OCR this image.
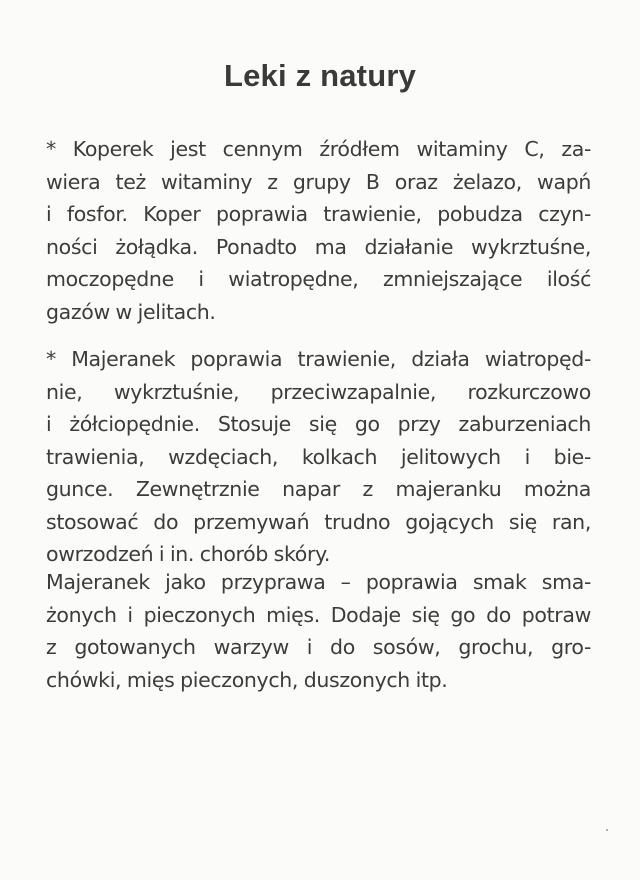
Leki z natury
* Koperek jest cennym źródłem witaminy C, za-
wiera też witaminy z grupy B oraz żelazo, wapń
i fosfor. Koper poprawia trawienie, pobudza czyn-
ności żołądka. Ponadto ma działanie wykrztuśne,
moczopędne i wiatropędne, zmniejszające ilość
gazów w jelitach.
* Majeranek poprawia trawienie, działa wiatropęd-
nie, wykrztuśnie, przeciwzapalnie, rozkurczowo
i żółciopędnie. Stosuje się go przy zaburzeniach
trawienia, wzdęciach, kolkach jelitowych i bie-
gunce. Zewnętrznie napar z majeranku można
stosować do przemywań trudno gojących się ran,
owrzodzeń i in. chorób skóry.
Majeranek jako przyprawa – poprawia smak sma-
żonych i pieczonych mięs. Dodaje się go do potraw
z gotowanych warzyw i do sosów, grochu, gro-
chówki, mięs pieczonych, duszonych itp.
